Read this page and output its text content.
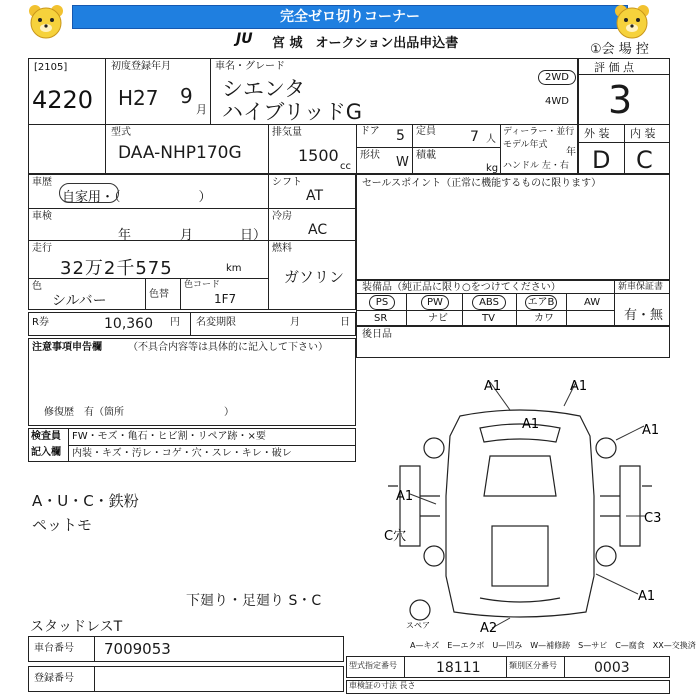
完全ゼロ切りコーナー
JU 宮 城　オークション出品申込書	①会 場 控
[2105]
4220
初度登録年月
H27 9
月
車名・グレード
シエンタ
ハイブリッドG
2WD
4WD
評 価 点
3
型式
DAA-NHP170G
排気量
1500
cc
ドア 5 定員 7 人
形状 W 積載
kg
ディーラー・並行
モデル年式
年
ハンドル 左・右
外 装 内 装
D C
車歴
自家用・（　　　　　　）
シフト
AT
車検
年	月	日）
冷房
AC
走行
32万2千575	km
燃料
ガソリン
色
シルバー	色替
色コード
1F7
R券	10,360 円 名変期限	月	日
注意事項申告欄	（不具合内容等は具体的に記入して下さい）
修復歴　有（箇所　　　　　　　　　　）
検査員
記入欄
FW・モズ・亀石・ヒビ割・リペア跡・×要
内装・キズ・汚レ・コゲ・穴・スレ・キレ・破レ
A・U・C・鉄粉
ペットモ
下廻り・足廻り S・C
スタッドレスT
セールスポイント（正常に機能するものに限ります）
装備品（純正品に限り○をつけてください）	新車保証書
有・無
PS	PW	ABS	エアB	AW
SR	ナビ	TV	カワ
後日品
A1	A1
A1	A1
A1
C穴
C3
A1
A2
スペア
A—キズ　E—エクボ　U—凹み　W—補修跡　S—サビ　C—腐食　XX—交換済
車台番号 7009053
登録番号
型式指定番号	18111	類別区分番号	0003
車検証の寸法 長さ
